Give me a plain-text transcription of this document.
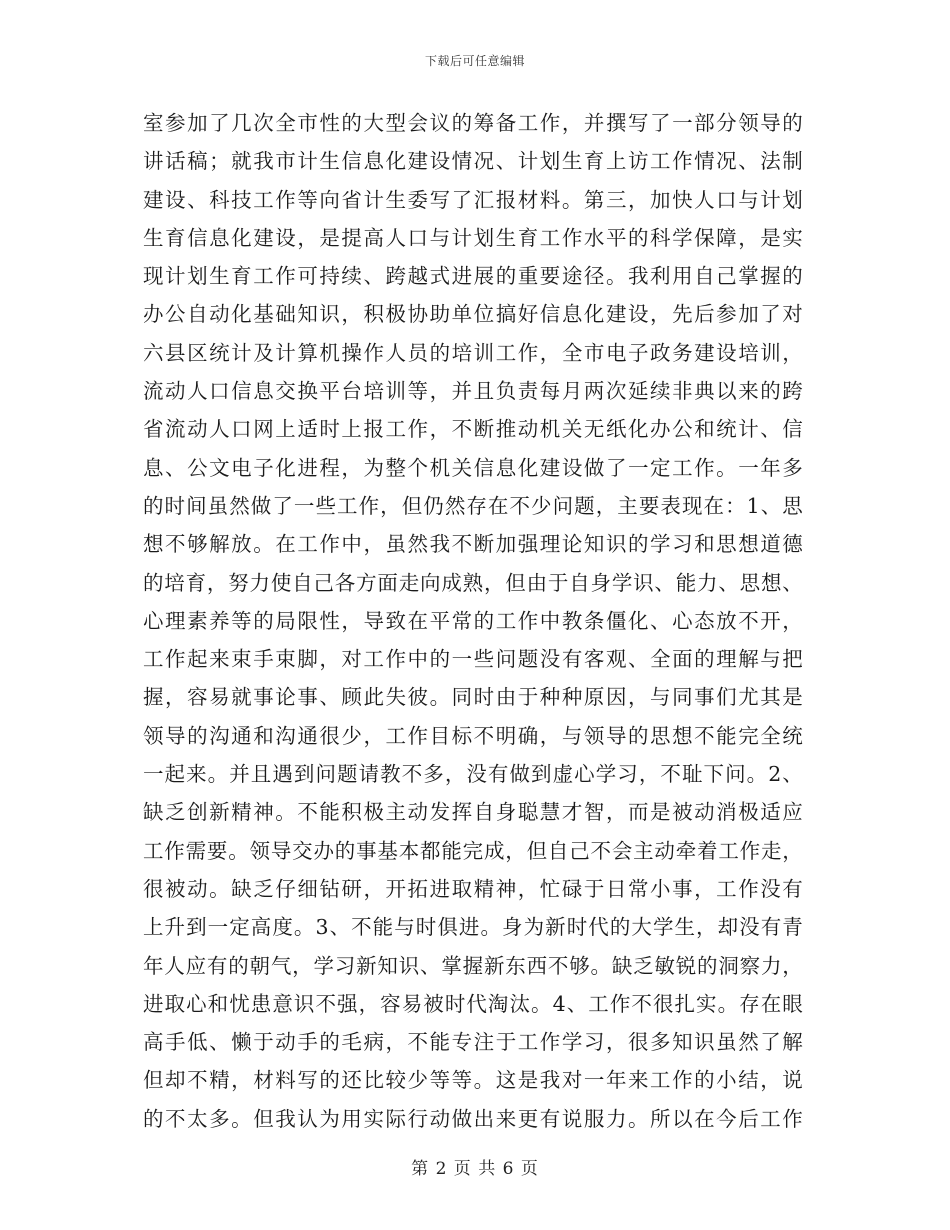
下载后可任意编辑
室参加了几次全市性的大型会议的筹备工作，并撰写了一部分领导的
讲话稿；就我市计生信息化建设情况、计划生育上访工作情况、法制
建设、科技工作等向省计生委写了汇报材料。第三，加快人口与计划
生育信息化建设，是提高人口与计划生育工作水平的科学保障，是实
现计划生育工作可持续、跨越式进展的重要途径。我利用自己掌握的
办公自动化基础知识，积极协助单位搞好信息化建设，先后参加了对
六县区统计及计算机操作人员的培训工作，全市电子政务建设培训，
流动人口信息交换平台培训等，并且负责每月两次延续非典以来的跨
省流动人口网上适时上报工作，不断推动机关无纸化办公和统计、信
息、公文电子化进程，为整个机关信息化建设做了一定工作。一年多
的时间虽然做了一些工作，但仍然存在不少问题，主要表现在：1、思
想不够解放。在工作中，虽然我不断加强理论知识的学习和思想道德
的培育，努力使自己各方面走向成熟，但由于自身学识、能力、思想、
心理素养等的局限性，导致在平常的工作中教条僵化、心态放不开，
工作起来束手束脚，对工作中的一些问题没有客观、全面的理解与把
握，容易就事论事、顾此失彼。同时由于种种原因，与同事们尤其是
领导的沟通和沟通很少，工作目标不明确，与领导的思想不能完全统
一起来。并且遇到问题请教不多，没有做到虚心学习，不耻下问。2、
缺乏创新精神。不能积极主动发挥自身聪慧才智，而是被动消极适应
工作需要。领导交办的事基本都能完成，但自己不会主动牵着工作走，
很被动。缺乏仔细钻研，开拓进取精神，忙碌于日常小事，工作没有
上升到一定高度。3、不能与时俱进。身为新时代的大学生，却没有青
年人应有的朝气，学习新知识、掌握新东西不够。缺乏敏锐的洞察力，
进取心和忧患意识不强，容易被时代淘汰。4、工作不很扎实。存在眼
高手低、懒于动手的毛病，不能专注于工作学习，很多知识虽然了解
但却不精，材料写的还比较少等等。这是我对一年来工作的小结，说
的不太多。但我认为用实际行动做出来更有说服力。所以在今后工作
第 2 页 共 6 页
